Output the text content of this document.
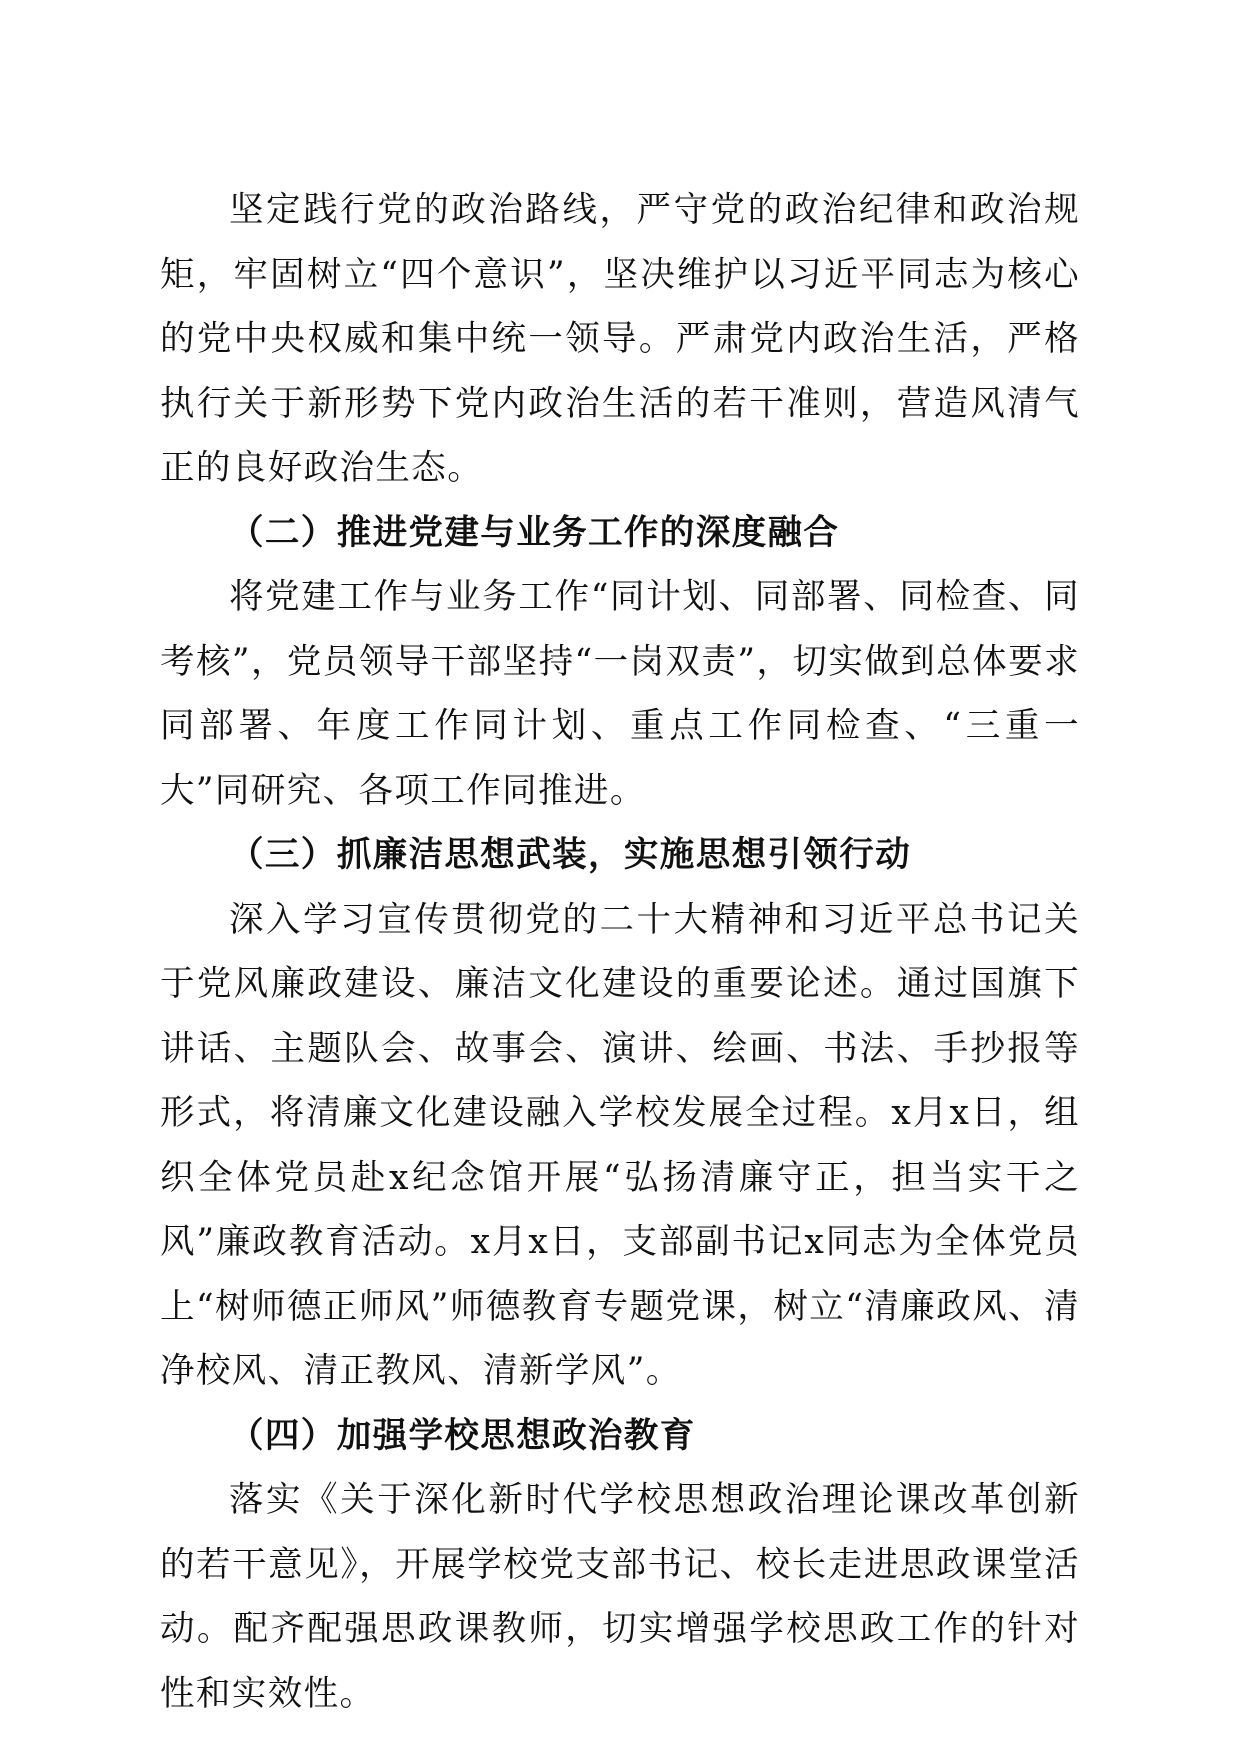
坚定践行党的政治路线，严守党的政治纪律和政治规矩，牢固树立“四个意识”，坚决维护以习近平同志为核心的党中央权威和集中统一领导。严肃党内政治生活，严格执行关于新形势下党内政治生活的若干准则，营造风清气正的良好政治生态。

（二）推进党建与业务工作的深度融合

将党建工作与业务工作“同计划、同部署、同检查、同考核”，党员领导干部坚持“一岗双责”，切实做到总体要求同部署、年度工作同计划、重点工作同检查、“三重一大”同研究、各项工作同推进。

（三）抓廉洁思想武装，实施思想引领行动

深入学习宣传贯彻党的二十大精神和习近平总书记关于党风廉政建设、廉洁文化建设的重要论述。通过国旗下讲话、主题队会、故事会、演讲、绘画、书法、手抄报等形式，将清廉文化建设融入学校发展全过程。x月x日，组织全体党员赴x纪念馆开展“弘扬清廉守正，担当实干之风”廉政教育活动。x月x日，支部副书记x同志为全体党员上“树师德正师风”师德教育专题党课，树立“清廉政风、清净校风、清正教风、清新学风”。

（四）加强学校思想政治教育

落实《关于深化新时代学校思想政治理论课改革创新的若干意见》，开展学校党支部书记、校长走进思政课堂活动。配齐配强思政课教师，切实增强学校思政工作的针对性和实效性。
